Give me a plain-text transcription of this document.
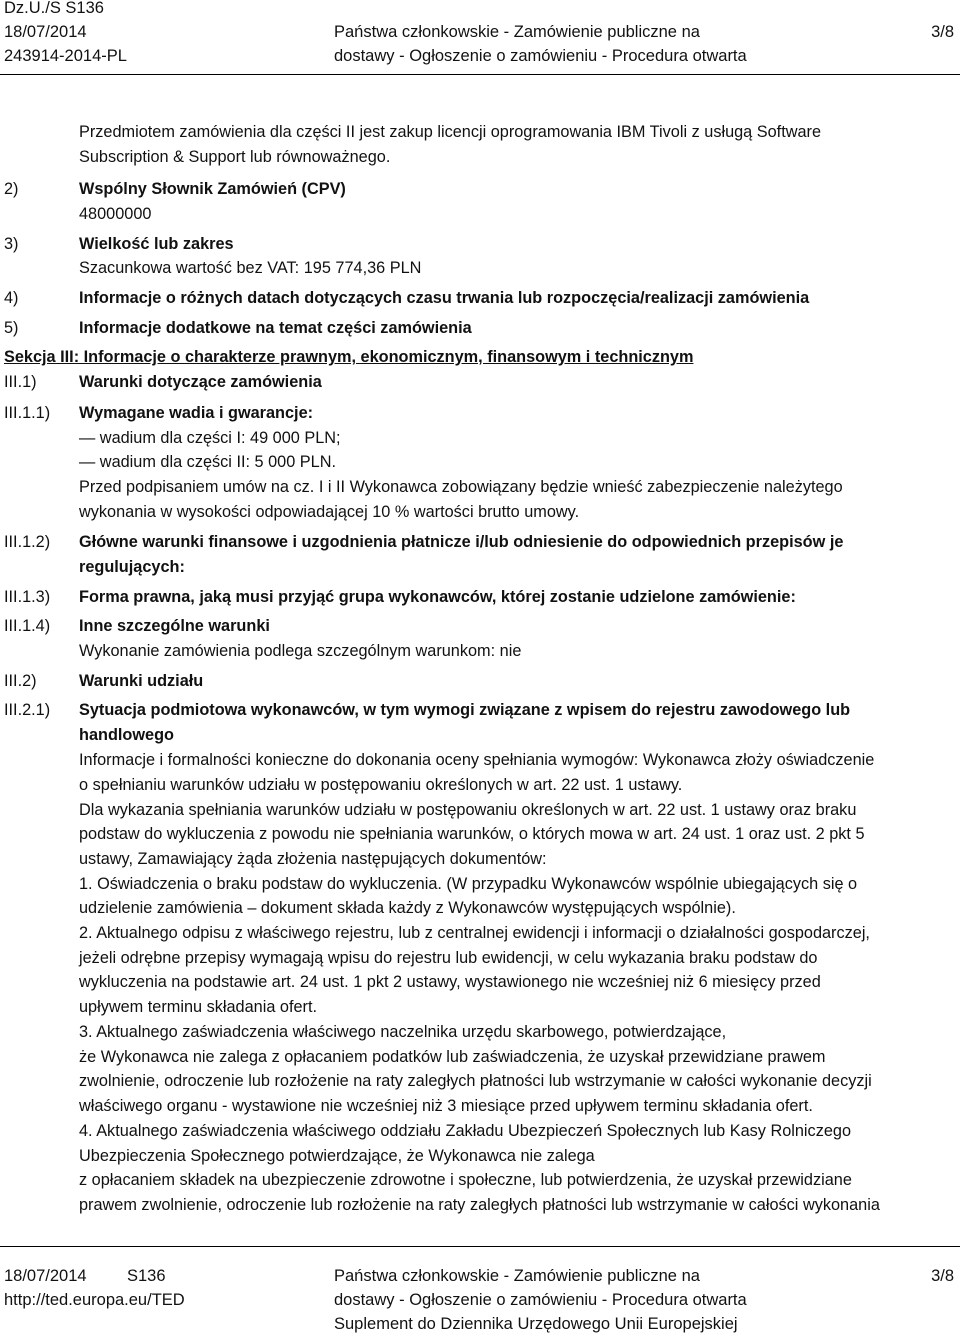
Dz.U./S S136
18/07/2014
243914-2014-PL
Państwa członkowskie - Zamówienie publiczne na
dostawy - Ogłoszenie o zamówieniu - Procedura otwarta
3/8
Przedmiotem zamówienia dla części II jest zakup licencji oprogramowania IBM Tivoli z usługą Software
Subscription & Support lub równoważnego.
2)	Wspólny Słownik Zamówień (CPV)
48000000
3)	Wielkość lub zakres
Szacunkowa wartość bez VAT: 195 774,36 PLN
4)	Informacje o różnych datach dotyczących czasu trwania lub rozpoczęcia/realizacji zamówienia
5)	Informacje dodatkowe na temat części zamówienia
Sekcja III: Informacje o charakterze prawnym, ekonomicznym, finansowym i technicznym
III.1)	Warunki dotyczące zamówienia
III.1.1) Wymagane wadia i gwarancje:
— wadium dla części I: 49 000 PLN;
— wadium dla części II: 5 000 PLN.
Przed podpisaniem umów na cz. I i II Wykonawca zobowiązany będzie wnieść zabezpieczenie należytego
wykonania w wysokości odpowiadającej 10 % wartości brutto umowy.
III.1.2) Główne warunki finansowe i uzgodnienia płatnicze i/lub odniesienie do odpowiednich przepisów je
regulujących:
III.1.3) Forma prawna, jaką musi przyjąć grupa wykonawców, której zostanie udzielone zamówienie:
III.1.4) Inne szczególne warunki
Wykonanie zamówienia podlega szczególnym warunkom: nie
III.2)	Warunki udziału
III.2.1) Sytuacja podmiotowa wykonawców, w tym wymogi związane z wpisem do rejestru zawodowego lub
handlowego
Informacje i formalności konieczne do dokonania oceny spełniania wymogów: Wykonawca złoży oświadczenie
o spełnianiu warunków udziału w postępowaniu określonych w art. 22 ust. 1 ustawy.
Dla wykazania spełniania warunków udziału w postępowaniu określonych w art. 22 ust. 1 ustawy oraz braku
podstaw do wykluczenia z powodu nie spełniania warunków, o których mowa w art. 24 ust. 1 oraz ust. 2 pkt 5
ustawy, Zamawiający żąda złożenia następujących dokumentów:
1. Oświadczenia o braku podstaw do wykluczenia. (W przypadku Wykonawców wspólnie ubiegających się o
udzielenie zamówienia – dokument składa każdy z Wykonawców występujących wspólnie).
2. Aktualnego odpisu z właściwego rejestru, lub z centralnej ewidencji i informacji o działalności gospodarczej,
jeżeli odrębne przepisy wymagają wpisu do rejestru lub ewidencji, w celu wykazania braku podstaw do
wykluczenia na podstawie art. 24 ust. 1 pkt 2 ustawy, wystawionego nie wcześniej niż 6 miesięcy przed
upływem terminu składania ofert.
3. Aktualnego zaświadczenia właściwego naczelnika urzędu skarbowego, potwierdzające,
że Wykonawca nie zalega z opłacaniem podatków lub zaświadczenia, że uzyskał przewidziane prawem
zwolnienie, odroczenie lub rozłożenie na raty zaległych płatności lub wstrzymanie w całości wykonanie decyzji
właściwego organu - wystawione nie wcześniej niż 3 miesiące przed upływem terminu składania ofert.
4. Aktualnego zaświadczenia właściwego oddziału Zakładu Ubezpieczeń Społecznych lub Kasy Rolniczego
Ubezpieczenia Społecznego potwierdzające, że Wykonawca nie zalega
z opłacaniem składek na ubezpieczenie zdrowotne i społeczne, lub potwierdzenia, że uzyskał przewidziane
prawem zwolnienie, odroczenie lub rozłożenie na raty zaległych płatności lub wstrzymanie w całości wykonania
18/07/2014 S136
http://ted.europa.eu/TED
Państwa członkowskie - Zamówienie publiczne na
dostawy - Ogłoszenie o zamówieniu - Procedura otwarta
Suplement do Dziennika Urzędowego Unii Europejskiej
3/8
